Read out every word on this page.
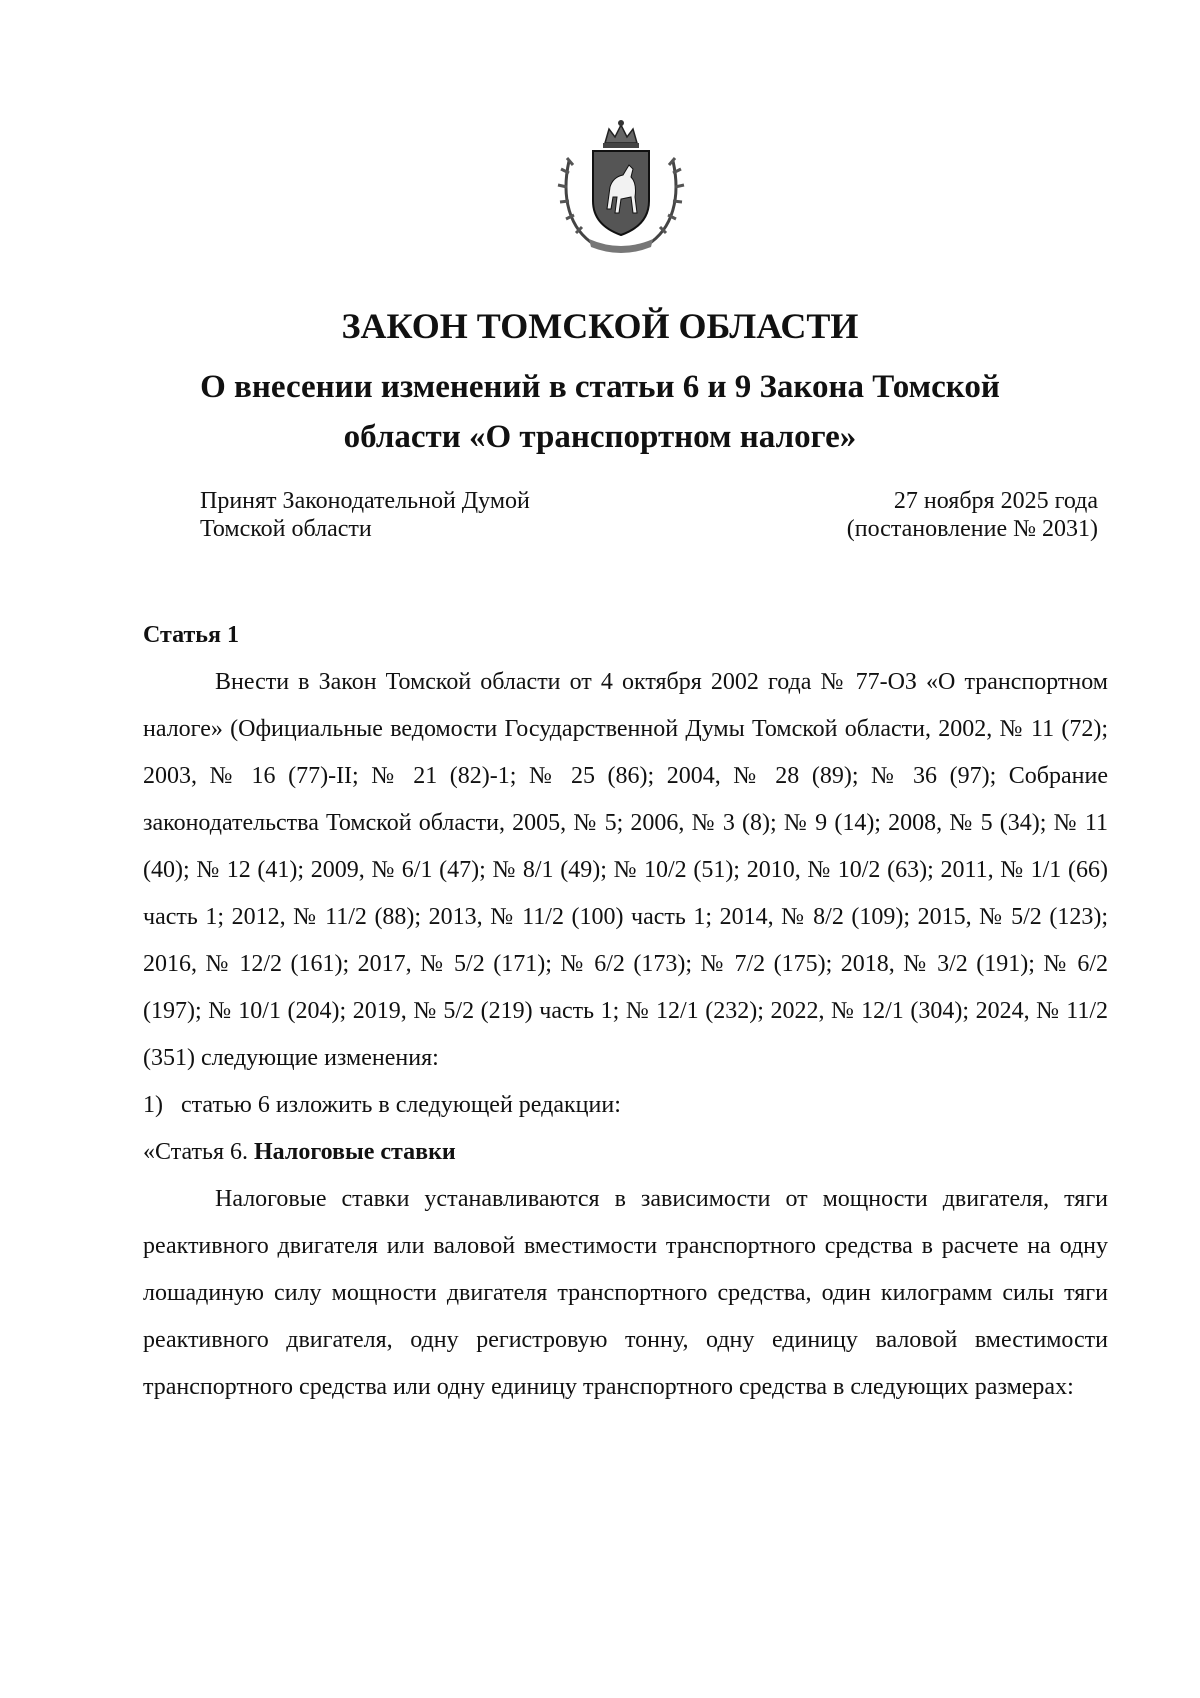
ЗАКОН ТОМСКОЙ ОБЛАСТИ
О внесении изменений в статьи 6 и 9 Закона Томской
области «О транспортном налоге»
Принят Законодательной Думой
Томской области
27 ноября 2025 года
(постановление № 2031)

Статья 1

Внести в Закон Томской области от 4 октября 2002 года № 77-ОЗ «О транспортном налоге» (Официальные ведомости Государственной Думы Томской области, 2002, № 11 (72); 2003, № 16 (77)-II; № 21 (82)-1; № 25 (86); 2004, № 28 (89); № 36 (97); Собрание законодательства Томской области, 2005, № 5; 2006, № 3 (8); № 9 (14); 2008, № 5 (34); № 11 (40); № 12 (41); 2009, № 6/1 (47); № 8/1 (49); № 10/2 (51); 2010, № 10/2 (63); 2011, № 1/1 (66) часть 1; 2012, № 11/2 (88); 2013, № 11/2 (100) часть 1; 2014, № 8/2 (109); 2015, № 5/2 (123); 2016, № 12/2 (161); 2017, № 5/2 (171); № 6/2 (173); № 7/2 (175); 2018, № 3/2 (191); № 6/2 (197); № 10/1 (204); 2019, № 5/2 (219) часть 1; № 12/1 (232); 2022, № 12/1 (304); 2024, № 11/2 (351) следующие изменения:

1)   статью 6 изложить в следующей редакции:

«Статья 6. Налоговые ставки

Налоговые ставки устанавливаются в зависимости от мощности двигателя, тяги реактивного двигателя или валовой вместимости транспортного средства в расчете на одну лошадиную силу мощности двигателя транспортного средства, один килограмм силы тяги реактивного двигателя, одну регистровую тонну, одну единицу валовой вместимости транспортного средства или одну единицу транспортного средства в следующих размерах:
